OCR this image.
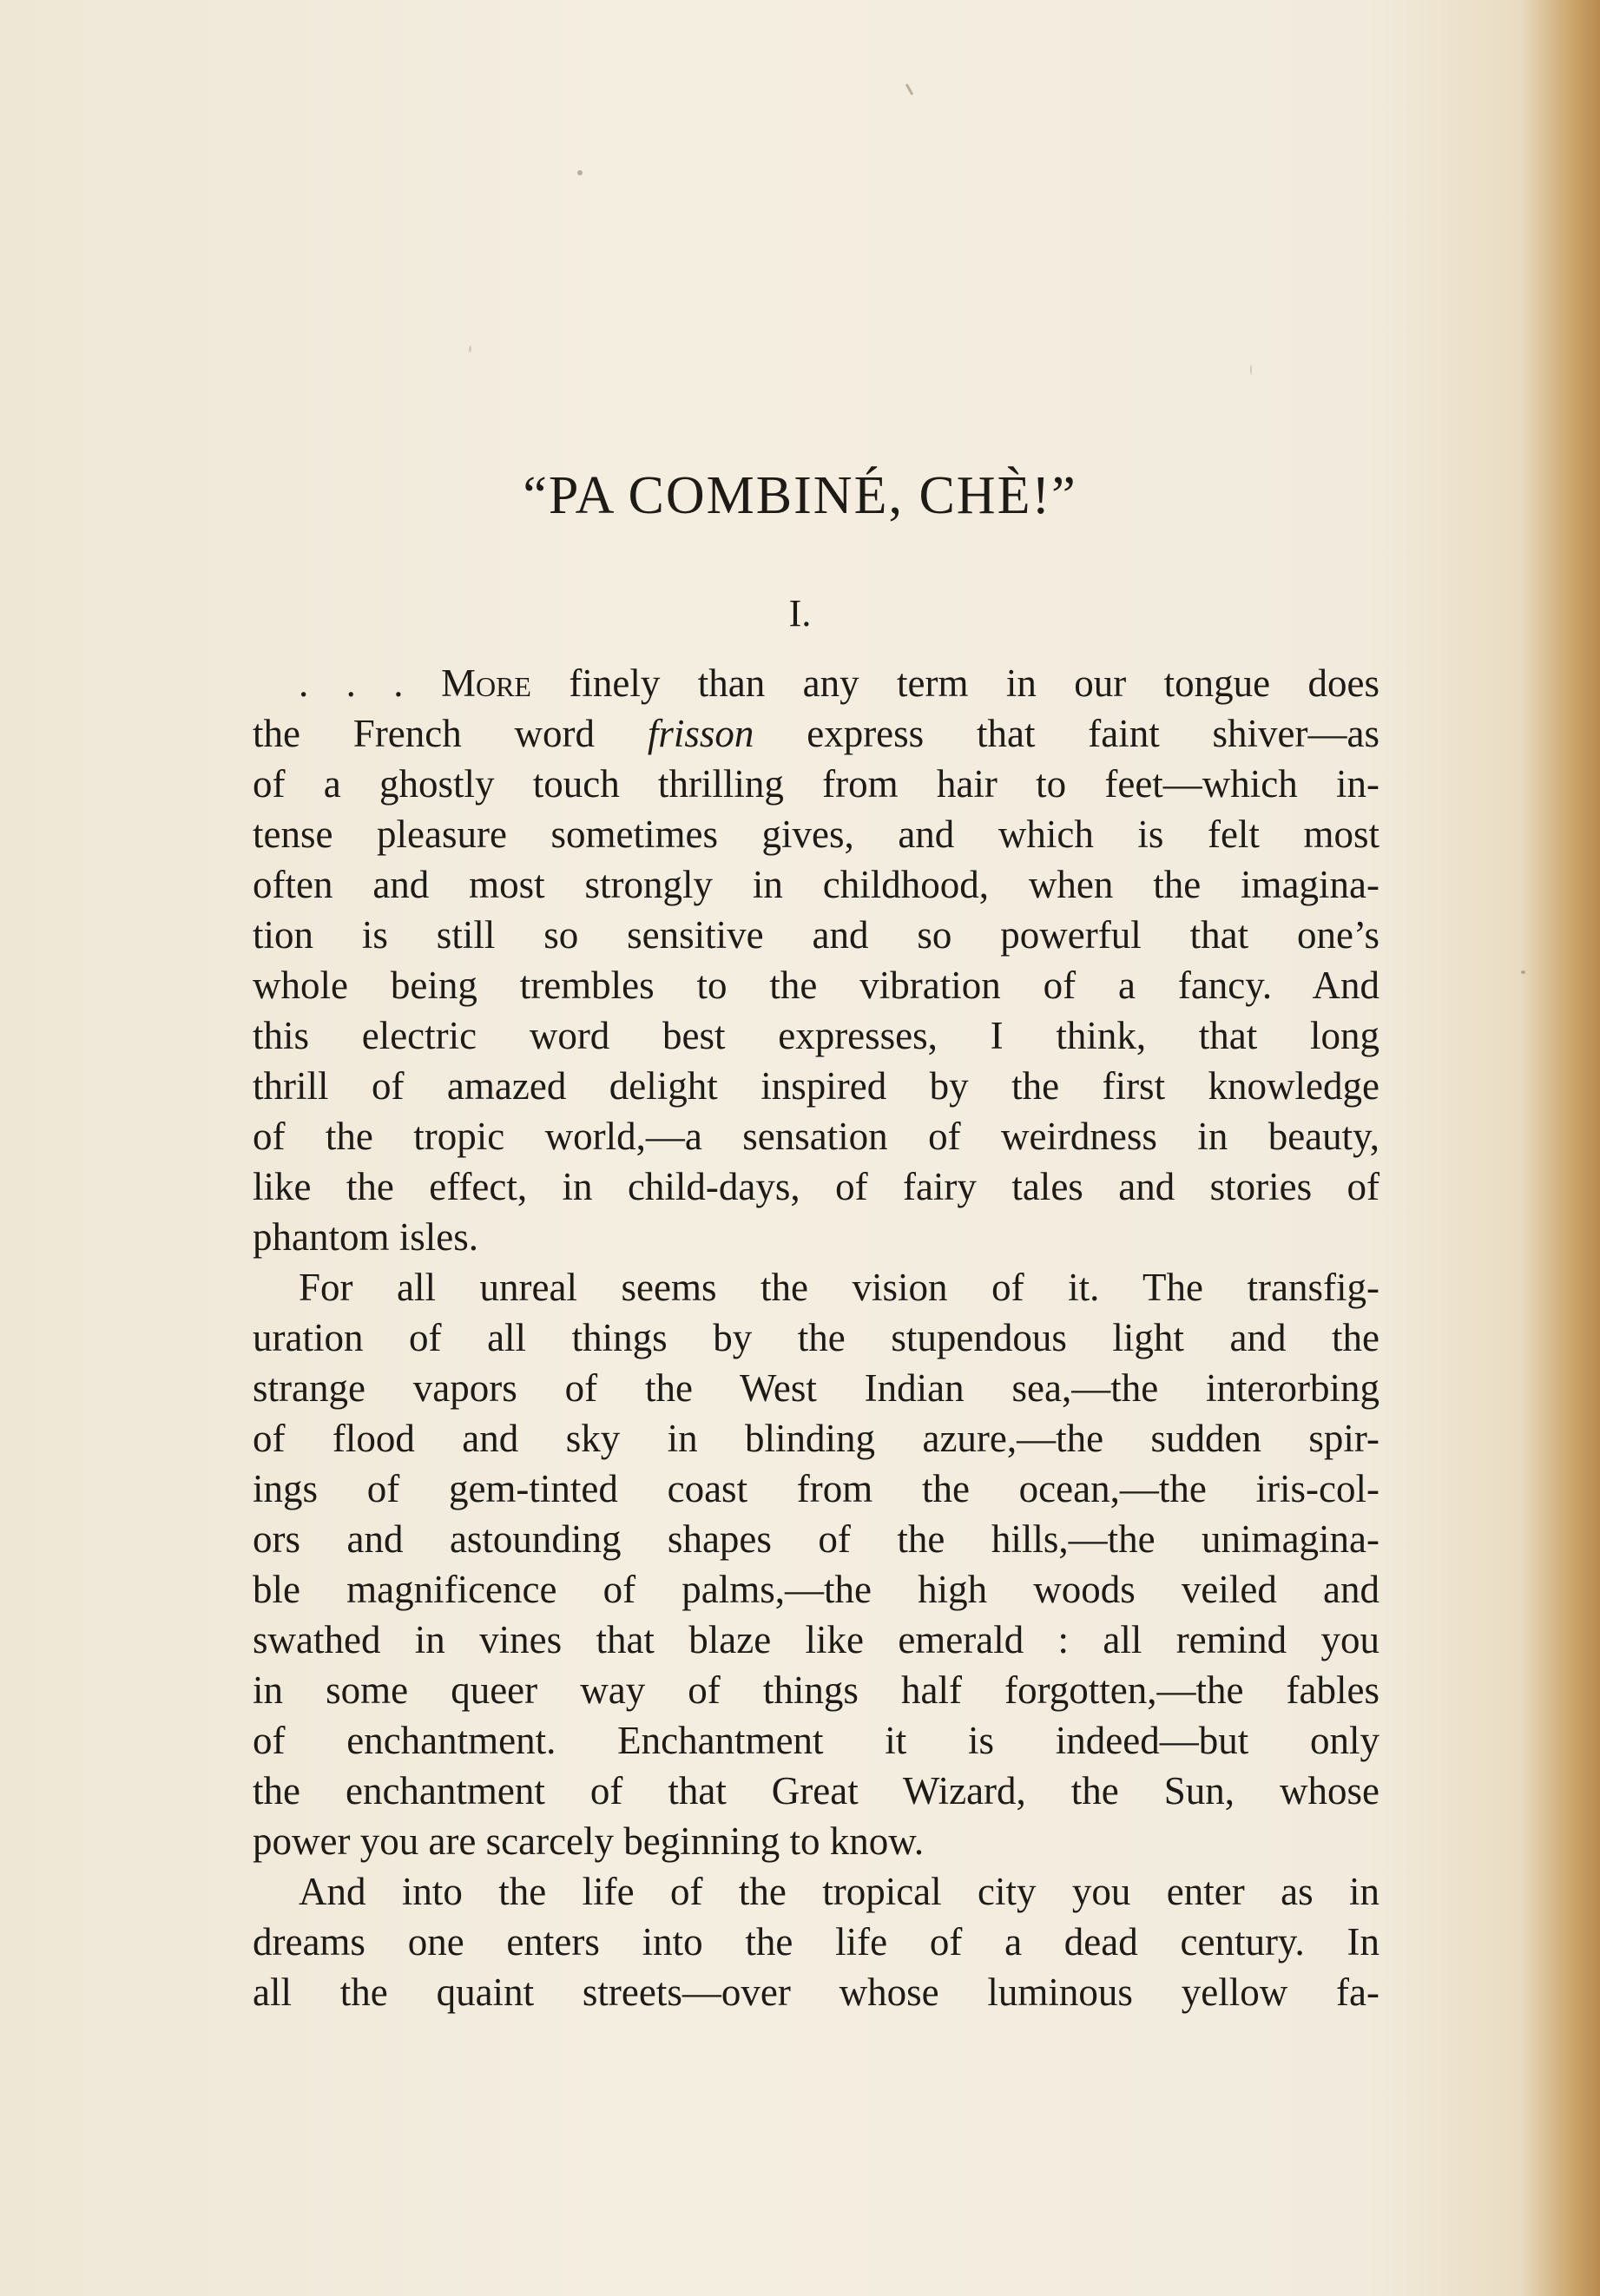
“PA COMBINÉ, CHÈ!”
I.
. . . More finely than any term in our tongue does
the French word frisson express that faint shiver—as
of a ghostly touch thrilling from hair to feet—which in-
tense pleasure sometimes gives, and which is felt most
often and most strongly in childhood, when the imagina-
tion is still so sensitive and so powerful that one’s
whole being trembles to the vibration of a fancy. And
this electric word best expresses, I think, that long
thrill of amazed delight inspired by the first knowledge
of the tropic world,—a sensation of weirdness in beauty,
like the effect, in child-days, of fairy tales and stories of
phantom isles.
For all unreal seems the vision of it. The transfig-
uration of all things by the stupendous light and the
strange vapors of the West Indian sea,—the interorbing
of flood and sky in blinding azure,—the sudden spir-
ings of gem-tinted coast from the ocean,—the iris-col-
ors and astounding shapes of the hills,—the unimagina-
ble magnificence of palms,—the high woods veiled and
swathed in vines that blaze like emerald : all remind you
in some queer way of things half forgotten,—the fables
of enchantment. Enchantment it is indeed—but only
the enchantment of that Great Wizard, the Sun, whose
power you are scarcely beginning to know.
And into the life of the tropical city you enter as in
dreams one enters into the life of a dead century. In
all the quaint streets—over whose luminous yellow fa-
